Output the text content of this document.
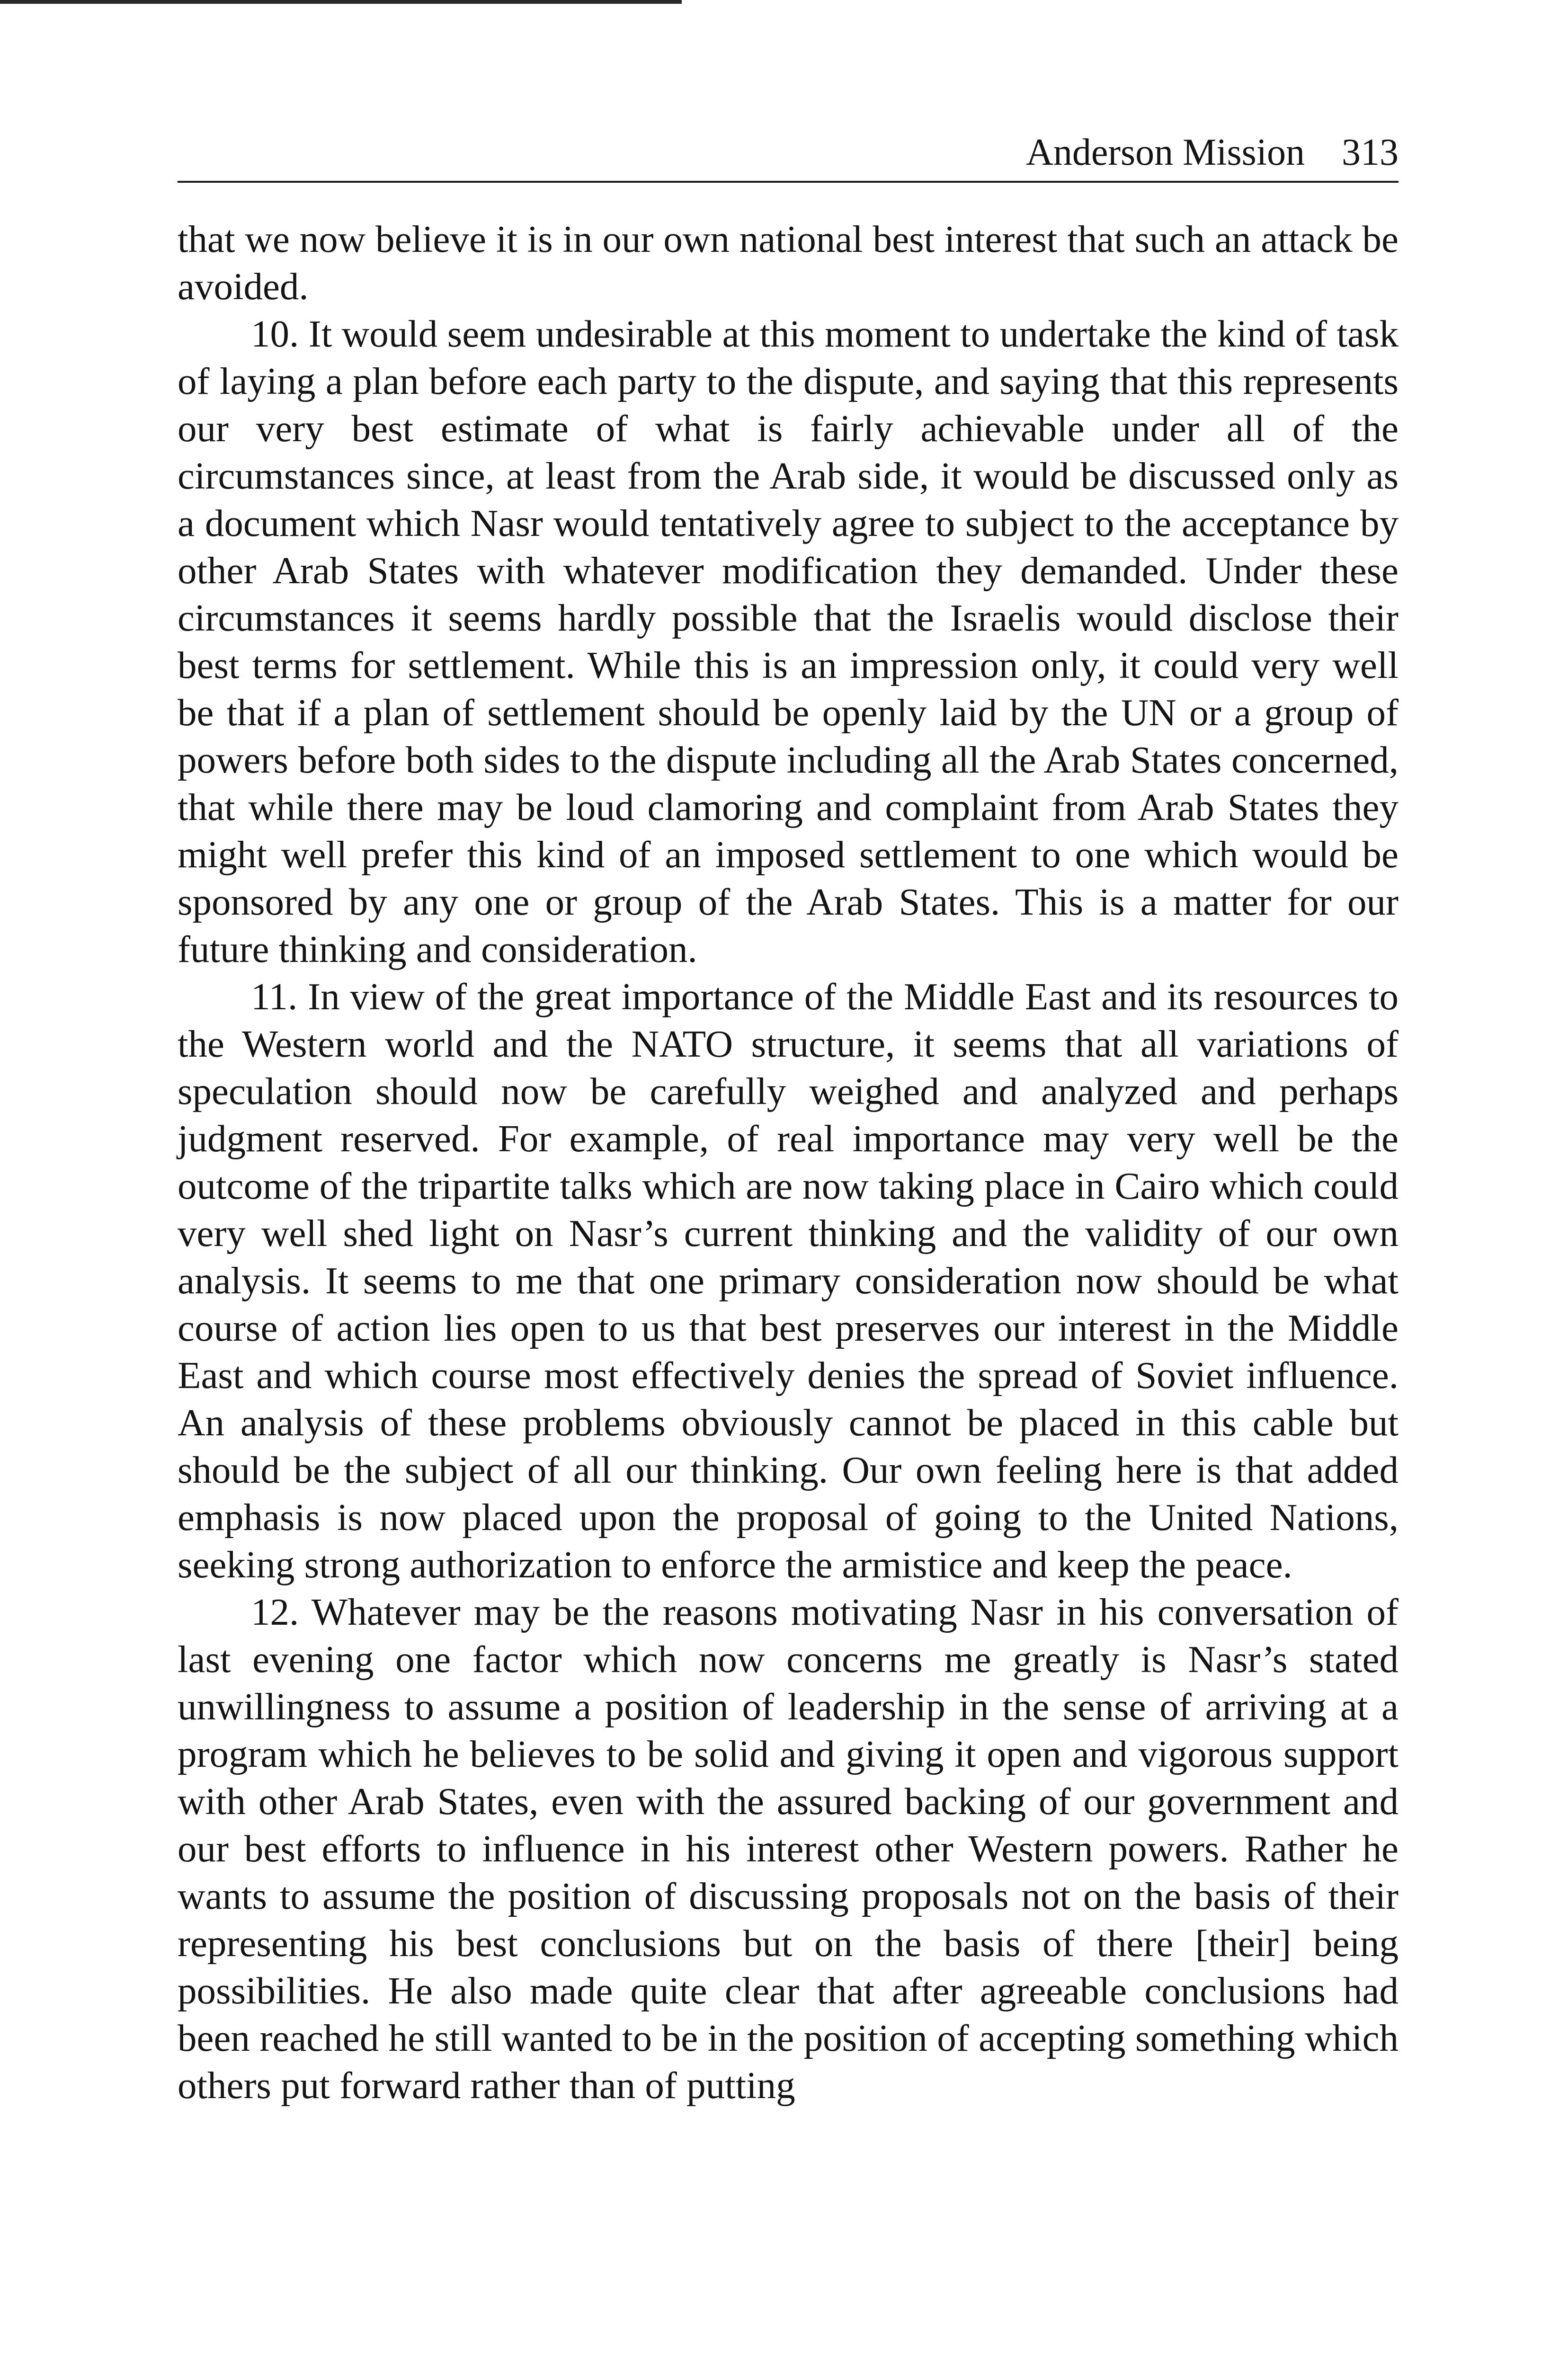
Anderson Mission 313

that we now believe it is in our own national best interest that such an attack be avoided.

10. It would seem undesirable at this moment to undertake the kind of task of laying a plan before each party to the dispute, and saying that this represents our very best estimate of what is fairly achievable under all of the circumstances since, at least from the Arab side, it would be discussed only as a document which Nasr would tentatively agree to subject to the acceptance by other Arab States with whatever modification they demanded. Under these circumstances it seems hardly possible that the Israelis would disclose their best terms for settlement. While this is an impression only, it could very well be that if a plan of settlement should be openly laid by the UN or a group of powers before both sides to the dispute including all the Arab States concerned, that while there may be loud clamoring and complaint from Arab States they might well prefer this kind of an imposed settlement to one which would be sponsored by any one or group of the Arab States. This is a matter for our future thinking and consideration.

11. In view of the great importance of the Middle East and its resources to the Western world and the NATO structure, it seems that all variations of speculation should now be carefully weighed and analyzed and perhaps judgment reserved. For example, of real importance may very well be the outcome of the tripartite talks which are now taking place in Cairo which could very well shed light on Nasr’s current thinking and the validity of our own analysis. It seems to me that one primary consideration now should be what course of action lies open to us that best preserves our interest in the Middle East and which course most effectively denies the spread of Soviet influence. An analysis of these problems obviously cannot be placed in this cable but should be the subject of all our thinking. Our own feeling here is that added emphasis is now placed upon the proposal of going to the United Nations, seeking strong authorization to enforce the armistice and keep the peace.

12. Whatever may be the reasons motivating Nasr in his conversation of last evening one factor which now concerns me greatly is Nasr’s stated unwillingness to assume a position of leadership in the sense of arriving at a program which he believes to be solid and giving it open and vigorous support with other Arab States, even with the assured backing of our government and our best efforts to influence in his interest other Western powers. Rather he wants to assume the position of discussing proposals not on the basis of their representing his best conclusions but on the basis of there [their] being possibilities. He also made quite clear that after agreeable conclusions had been reached he still wanted to be in the position of accepting something which others put forward rather than of putting
